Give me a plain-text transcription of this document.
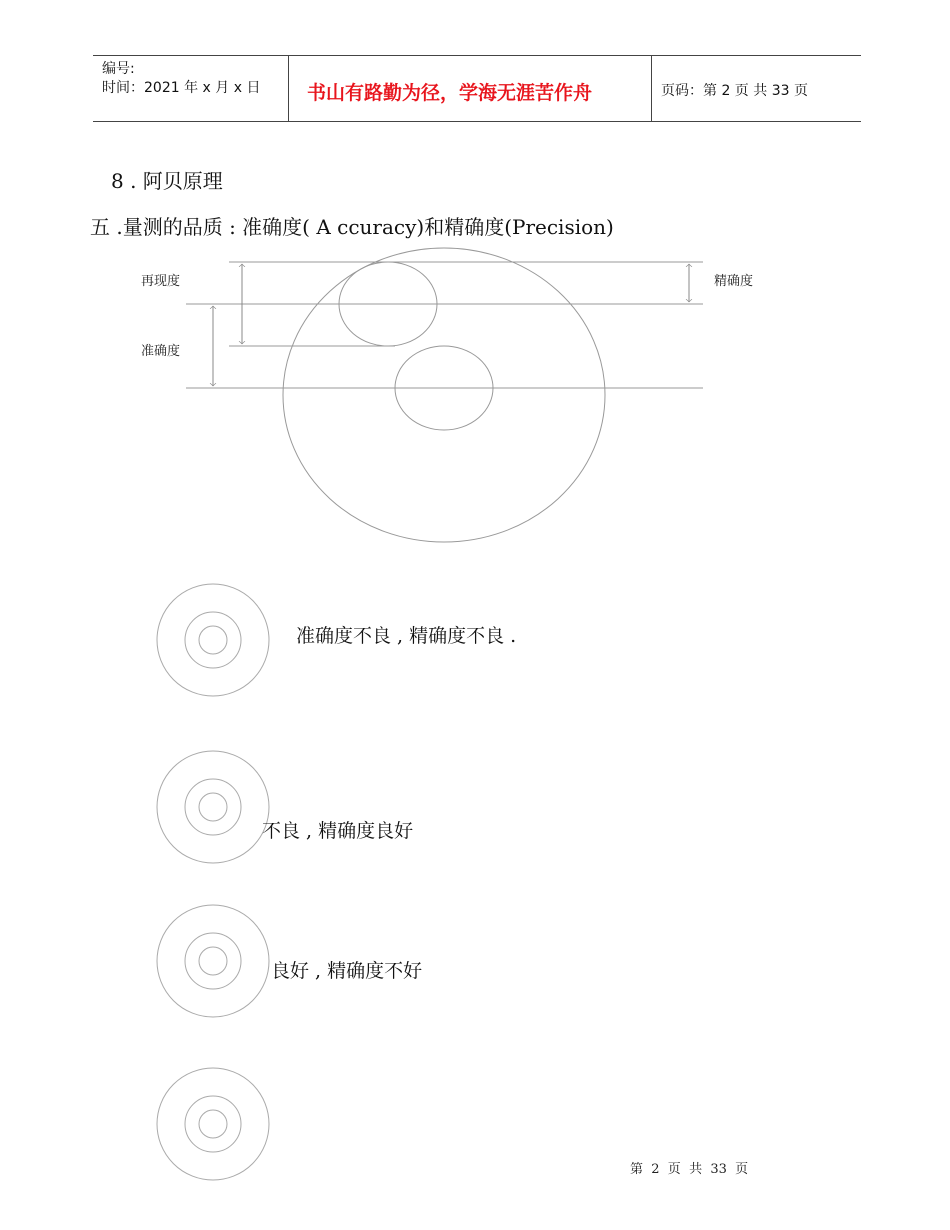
编号:
时间：2021 年 x 月 x 日 书山有路勤为径，学海无涯苦作舟	页码：第 2 页 共 33 页
8 . 阿贝原理
五 .量测的品质 : 准确度( A ccuracy)和精确度(Precision)
再现度
准确度
精确度
准确度不良 , 精确度不良 .
不良 , 精确度良好
良好 , 精确度不好
第  2  页  共  33  页
